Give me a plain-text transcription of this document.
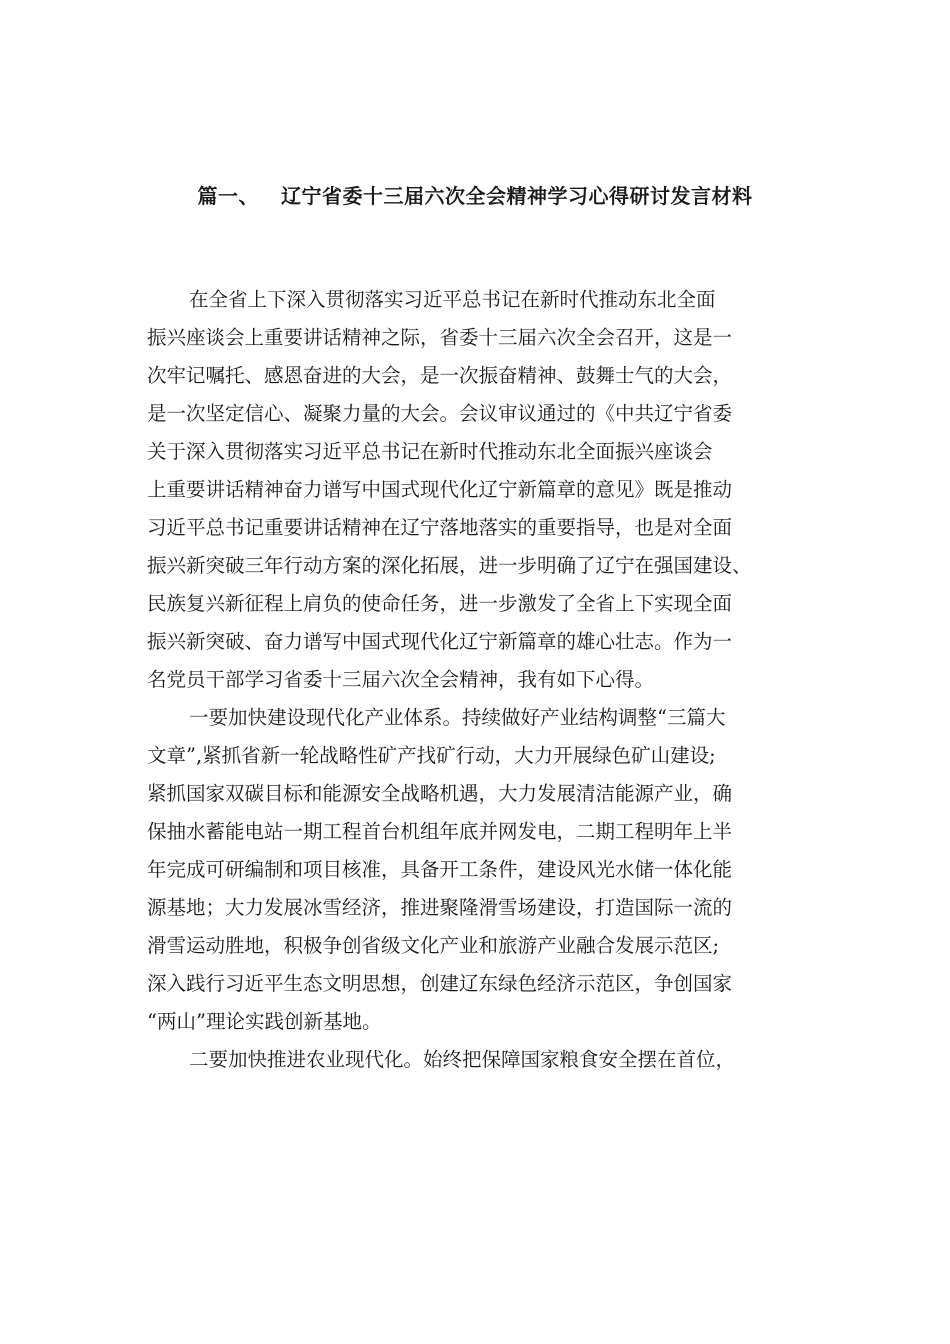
篇一、 辽宁省委十三届六次全会精神学习心得研讨发言材料
在全省上下深入贯彻落实习近平总书记在新时代推动东北全面
振兴座谈会上重要讲话精神之际，省委十三届六次全会召开，这是一
次牢记嘱托、感恩奋进的大会，是一次振奋精神、鼓舞士气的大会，
是一次坚定信心、凝聚力量的大会。会议审议通过的《中共辽宁省委
关于深入贯彻落实习近平总书记在新时代推动东北全面振兴座谈会
上重要讲话精神奋力谱写中国式现代化辽宁新篇章的意见》既是推动
习近平总书记重要讲话精神在辽宁落地落实的重要指导，也是对全面
振兴新突破三年行动方案的深化拓展，进一步明确了辽宁在强国建设、
民族复兴新征程上肩负的使命任务，进一步激发了全省上下实现全面
振兴新突破、奋力谱写中国式现代化辽宁新篇章的雄心壮志。作为一
名党员干部学习省委十三届六次全会精神，我有如下心得。
一要加快建设现代化产业体系。持续做好产业结构调整“三篇大
文章”,紧抓省新一轮战略性矿产找矿行动，大力开展绿色矿山建设;
紧抓国家双碳目标和能源安全战略机遇，大力发展清洁能源产业，确
保抽水蓄能电站一期工程首台机组年底并网发电，二期工程明年上半
年完成可研编制和项目核准，具备开工条件，建设风光水储一体化能
源基地；大力发展冰雪经济，推进聚隆滑雪场建设，打造国际一流的
滑雪运动胜地，积极争创省级文化产业和旅游产业融合发展示范区;
深入践行习近平生态文明思想，创建辽东绿色经济示范区，争创国家
“两山”理论实践创新基地。
二要加快推进农业现代化。始终把保障国家粮食安全摆在首位，
